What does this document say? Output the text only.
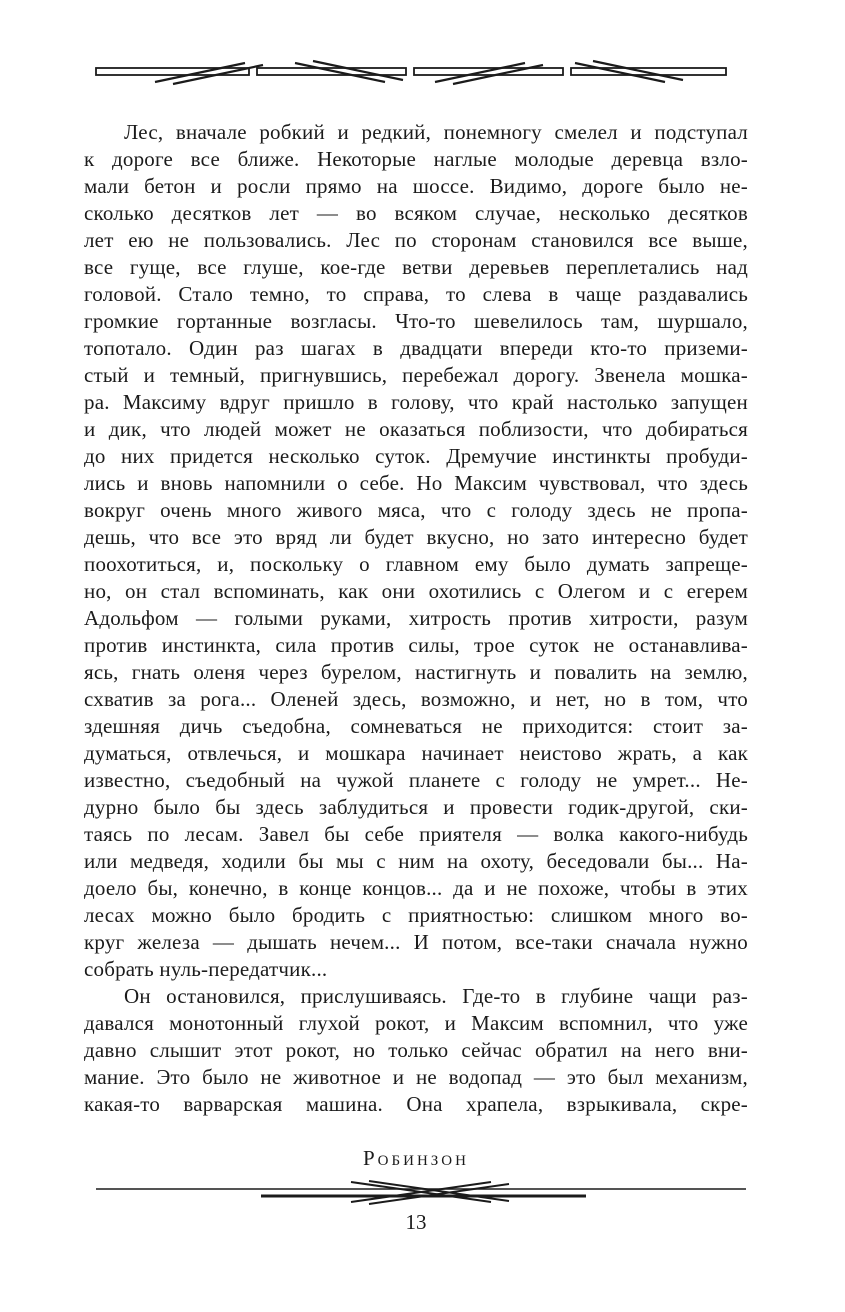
Лес, вначале робкий и редкий, понемногу смелел и подступал
к дороге все ближе. Некоторые наглые молодые деревца взло-
мали бетон и росли прямо на шоссе. Видимо, дороге было не-
сколько десятков лет — во всяком случае, несколько десятков
лет ею не пользовались. Лес по сторонам становился все выше,
все гуще, все глуше, кое-где ветви деревьев переплетались над
головой. Стало темно, то справа, то слева в чаще раздавались
громкие гортанные возгласы. Что-то шевелилось там, шуршало,
топотало. Один раз шагах в двадцати впереди кто-то приземи-
стый и темный, пригнувшись, перебежал дорогу. Звенела мошка-
ра. Максиму вдруг пришло в голову, что край настолько запущен
и дик, что людей может не оказаться поблизости, что добираться
до них придется несколько суток. Дремучие инстинкты пробуди-
лись и вновь напомнили о себе. Но Максим чувствовал, что здесь
вокруг очень много живого мяса, что с голоду здесь не пропа-
дешь, что все это вряд ли будет вкусно, но зато интересно будет
поохотиться, и, поскольку о главном ему было думать запреще-
но, он стал вспоминать, как они охотились с Олегом и с егерем
Адольфом — голыми руками, хитрость против хитрости, разум
против инстинкта, сила против силы, трое суток не останавлива-
ясь, гнать оленя через бурелом, настигнуть и повалить на землю,
схватив за рога... Оленей здесь, возможно, и нет, но в том, что
здешняя дичь съедобна, сомневаться не приходится: стоит за-
думаться, отвлечься, и мошкара начинает неистово жрать, а как
известно, съедобный на чужой планете с голоду не умрет... Не-
дурно было бы здесь заблудиться и провести годик-другой, ски-
таясь по лесам. Завел бы себе приятеля — волка какого-нибудь
или медведя, ходили бы мы с ним на охоту, беседовали бы... На-
доело бы, конечно, в конце концов... да и не похоже, чтобы в этих
лесах можно было бродить с приятностью: слишком много во-
круг железа — дышать нечем... И потом, все-таки сначала нужно
собрать нуль-передатчик...
Он остановился, прислушиваясь. Где-то в глубине чащи раз-
давался монотонный глухой рокот, и Максим вспомнил, что уже
давно слышит этот рокот, но только сейчас обратил на него вни-
мание. Это было не животное и не водопад — это был механизм,
какая-то варварская машина. Она храпела, взрыкивала, скре-
Робинзон
13
